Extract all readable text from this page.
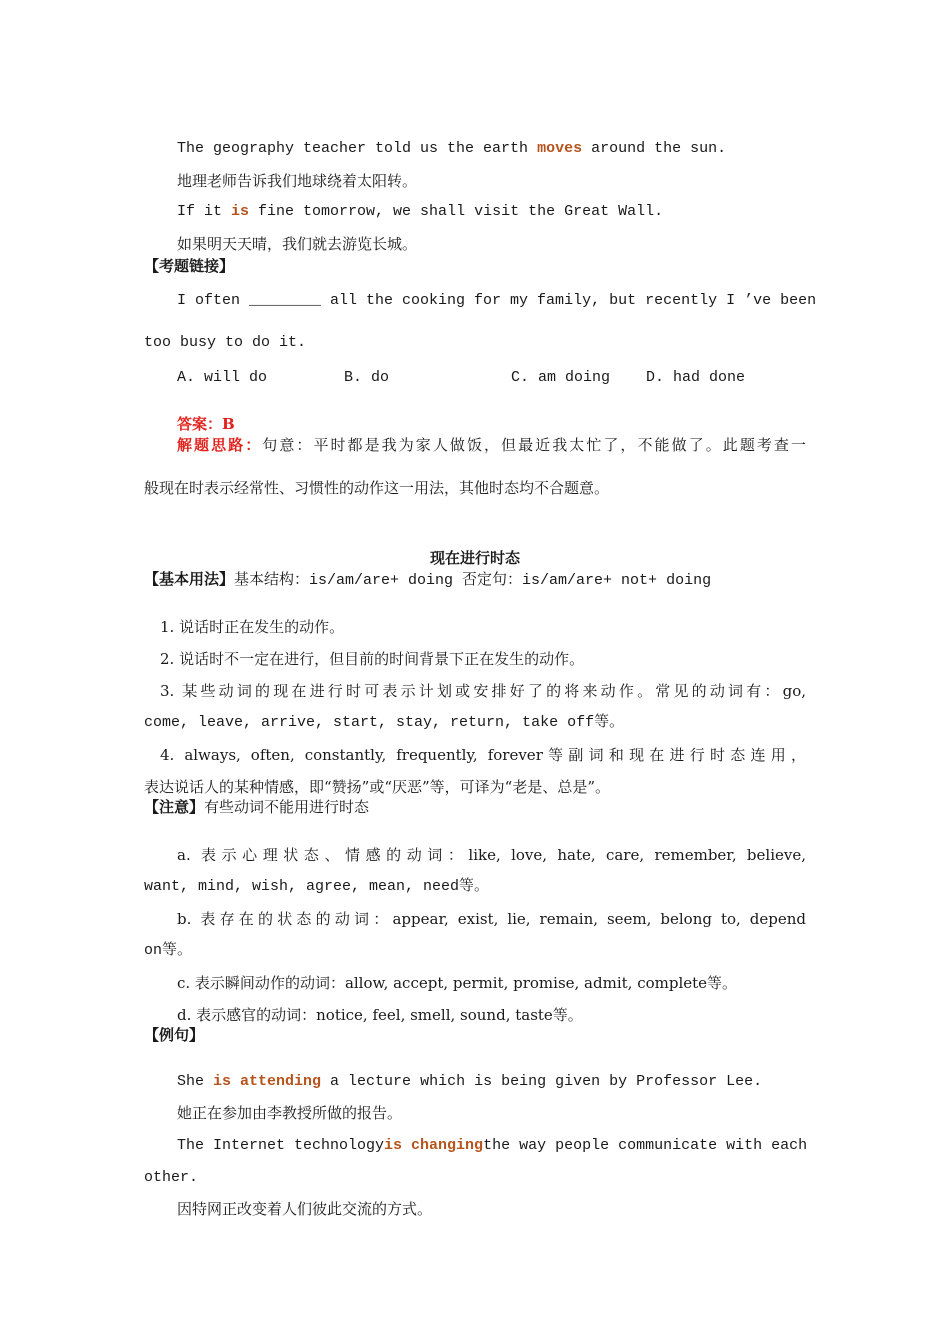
The geography teacher told us the earth moves around the sun.
地理老师告诉我们地球绕着太阳转。
If it is fine tomorrow, we shall visit the Great Wall.
如果明天天晴，我们就去游览长城。
【考题链接】
I often ________ all the cooking for my family, but recently I ’ve been
too busy to do it.
A. will do	B. do	C. am doing D. had done
答案：B
解题思路：句意：平时都是我为家人做饭，但最近我太忙了，不能做了。此题考查一
般现在时表示经常性、习惯性的动作这一用法，其他时态均不合题意。
现在进行时态
【基本用法】基本结构：is/am/are+ doing 否定句：is/am/are+ not+ doing
1. 说话时正在发生的动作。
2. 说话时不一定在进行，但目前的时间背景下正在发生的动作。
3. 某些动词的现在进行时可表示计划或安排好了的将来动作。常见的动词有：go,
come, leave, arrive, start, stay, return, take off等。
4. always, often, constantly, frequently, forever等副词和现在进行时态连用，
表达说话人的某种情感，即“赞扬”或“厌恶”等，可译为“老是、总是”。
【注意】有些动词不能用进行时态
a. 表示心理状态、情感的动词：like, love, hate, care, remember, believe,
want, mind, wish, agree, mean, need等。
b. 表存在的状态的动词：appear, exist, lie, remain, seem, belong to, depend
on等。
c. 表示瞬间动作的动词：allow, accept, permit, promise, admit, complete等。
d. 表示感官的动词：notice, feel, smell, sound, taste等。
【例句】
She is attending a lecture which is being given by Professor Lee.
她正在参加由李教授所做的报告。
The Internet technology is changing the way people communicate with each
other.
因特网正改变着人们彼此交流的方式。
